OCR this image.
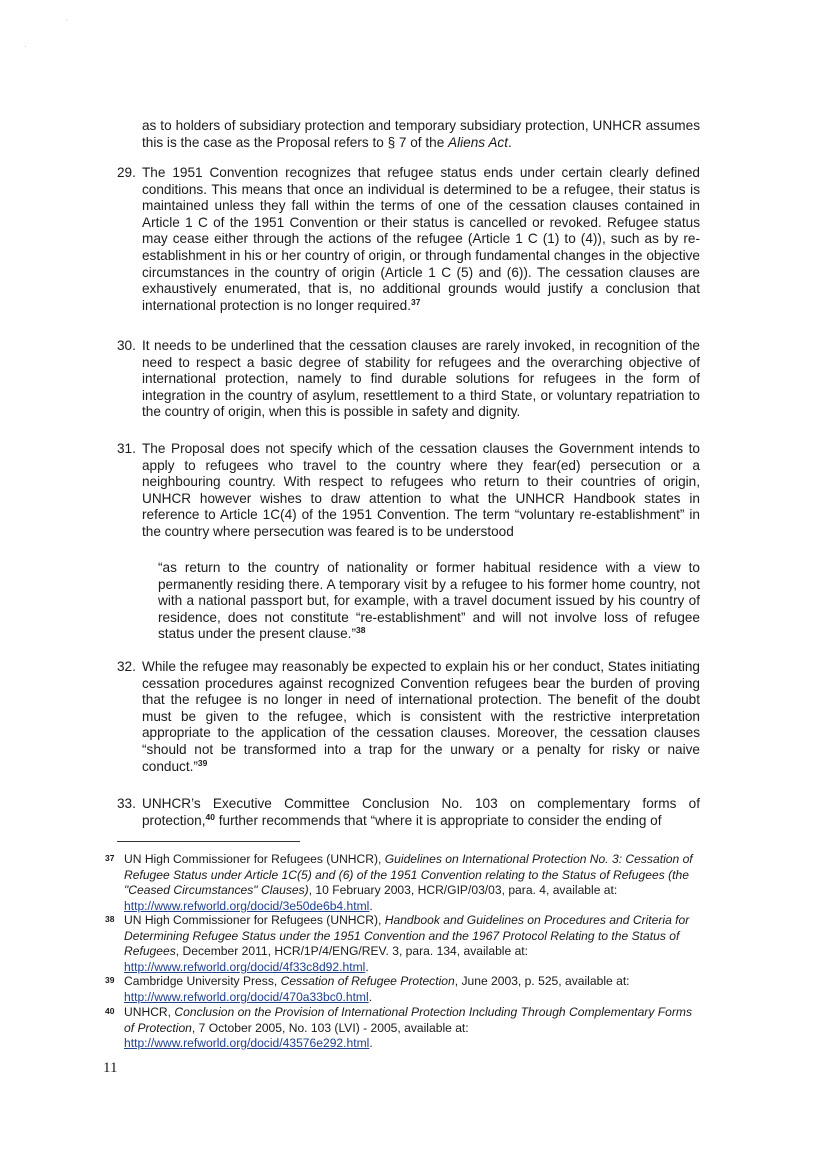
·
ʻ
as to holders of subsidiary protection and temporary subsidiary protection, UNHCR assumes this is the case as the Proposal refers to § 7 of the Aliens Act.
29. The 1951 Convention recognizes that refugee status ends under certain clearly defined conditions. This means that once an individual is determined to be a refugee, their status is maintained unless they fall within the terms of one of the cessation clauses contained in Article 1 C of the 1951 Convention or their status is cancelled or revoked. Refugee status may cease either through the actions of the refugee (Article 1 C (1) to (4)), such as by re-establishment in his or her country of origin, or through fundamental changes in the objective circumstances in the country of origin (Article 1 C (5) and (6)). The cessation clauses are exhaustively enumerated, that is, no additional grounds would justify a conclusion that international protection is no longer required.$^{37}$
30. It needs to be underlined that the cessation clauses are rarely invoked, in recognition of the need to respect a basic degree of stability for refugees and the overarching objective of international protection, namely to find durable solutions for refugees in the form of integration in the country of asylum, resettlement to a third State, or voluntary repatriation to the country of origin, when this is possible in safety and dignity.
31. The Proposal does not specify which of the cessation clauses the Government intends to apply to refugees who travel to the country where they fear(ed) persecution or a neighbouring country. With respect to refugees who return to their countries of origin, UNHCR however wishes to draw attention to what the UNHCR Handbook states in reference to Article 1C(4) of the 1951 Convention. The term “voluntary re-establishment” in the country where persecution was feared is to be understood
“as return to the country of nationality or former habitual residence with a view to permanently residing there. A temporary visit by a refugee to his former home country, not with a national passport but, for example, with a travel document issued by his country of residence, does not constitute “re-establishment” and will not involve loss of refugee status under the present clause.”$^{38}$
32. While the refugee may reasonably be expected to explain his or her conduct, States initiating cessation procedures against recognized Convention refugees bear the burden of proving that the refugee is no longer in need of international protection. The benefit of the doubt must be given to the refugee, which is consistent with the restrictive interpretation appropriate to the application of the cessation clauses. Moreover, the cessation clauses “should not be transformed into a trap for the unwary or a penalty for risky or naive conduct.”$^{39}$
33. UNHCR’s Executive Committee Conclusion No. 103 on complementary forms of protection,$^{40}$ further recommends that “where it is appropriate to consider the ending of
37 UN High Commissioner for Refugees (UNHCR), Guidelines on International Protection No. 3: Cessation of Refugee Status under Article 1C(5) and (6) of the 1951 Convention relating to the Status of Refugees (the "Ceased Circumstances" Clauses), 10 February 2003, HCR/GIP/03/03, para. 4, available at: http://www.refworld.org/docid/3e50de6b4.html.
38 UN High Commissioner for Refugees (UNHCR), Handbook and Guidelines on Procedures and Criteria for Determining Refugee Status under the 1951 Convention and the 1967 Protocol Relating to the Status of Refugees, December 2011, HCR/1P/4/ENG/REV. 3, para. 134, available at: http://www.refworld.org/docid/4f33c8d92.html.
39 Cambridge University Press, Cessation of Refugee Protection, June 2003, p. 525, available at: http://www.refworld.org/docid/470a33bc0.html.
40 UNHCR, Conclusion on the Provision of International Protection Including Through Complementary Forms of Protection, 7 October 2005, No. 103 (LVI) - 2005, available at: http://www.refworld.org/docid/43576e292.html.
11
